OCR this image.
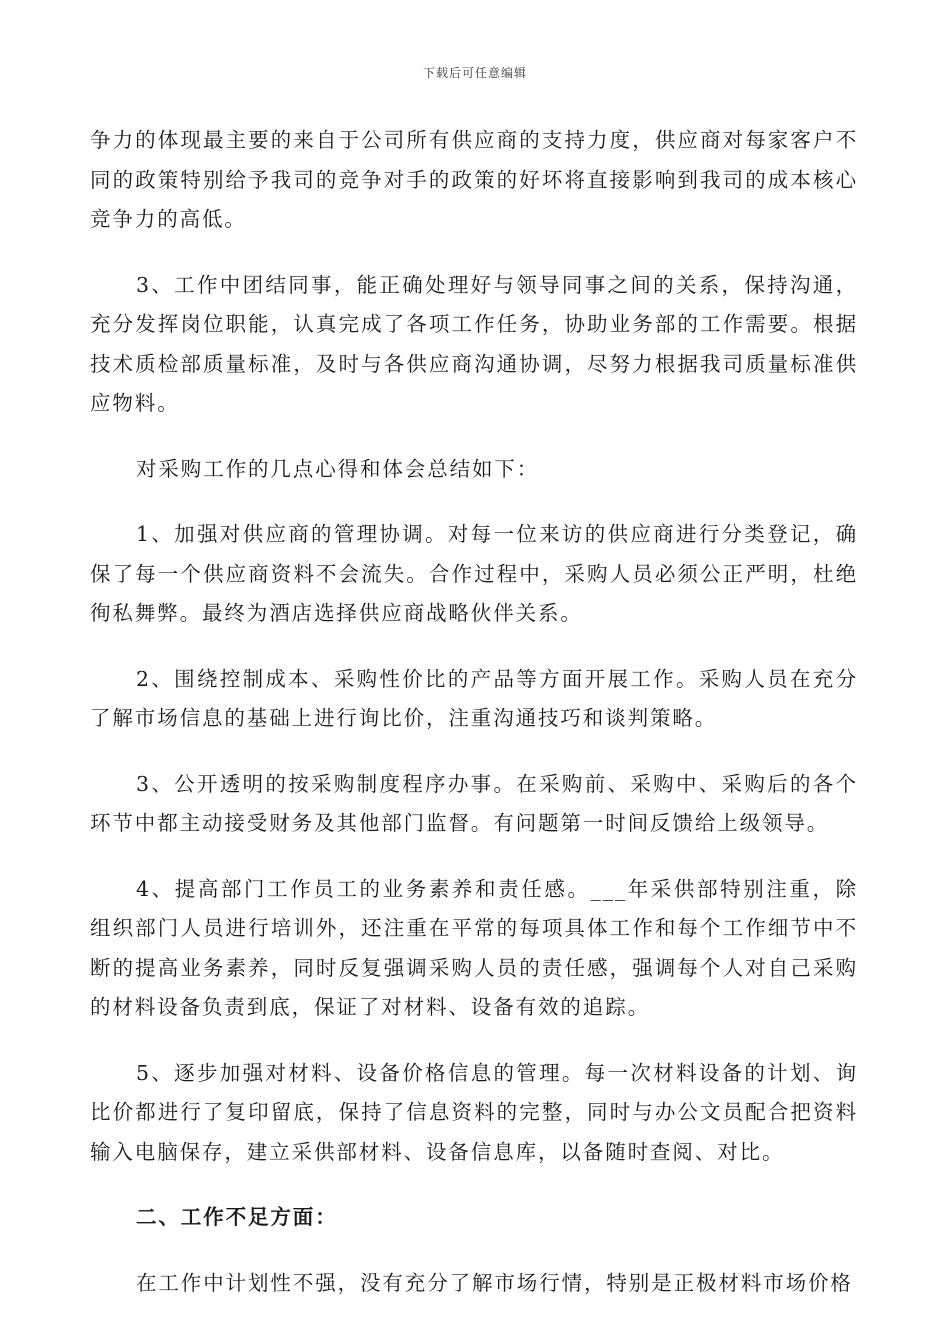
下载后可任意编辑

争力的体现最主要的来自于公司所有供应商的支持力度，供应商对每家客户不同的政策特别给予我司的竞争对手的政策的好坏将直接影响到我司的成本核心竞争力的高低。

3、工作中团结同事，能正确处理好与领导同事之间的关系，保持沟通，充分发挥岗位职能，认真完成了各项工作任务，协助业务部的工作需要。根据技术质检部质量标准，及时与各供应商沟通协调，尽努力根据我司质量标准供应物料。

对采购工作的几点心得和体会总结如下：

1、加强对供应商的管理协调。对每一位来访的供应商进行分类登记，确保了每一个供应商资料不会流失。合作过程中，采购人员必须公正严明，杜绝徇私舞弊。最终为酒店选择供应商战略伙伴关系。

2、围绕控制成本、采购性价比的产品等方面开展工作。采购人员在充分了解市场信息的基础上进行询比价，注重沟通技巧和谈判策略。

3、公开透明的按采购制度程序办事。在采购前、采购中、采购后的各个环节中都主动接受财务及其他部门监督。有问题第一时间反馈给上级领导。

4、提高部门工作员工的业务素养和责任感。___年采供部特别注重，除组织部门人员进行培训外，还注重在平常的每项具体工作和每个工作细节中不断的提高业务素养，同时反复强调采购人员的责任感，强调每个人对自己采购的材料设备负责到底，保证了对材料、设备有效的追踪。

5、逐步加强对材料、设备价格信息的管理。每一次材料设备的计划、询比价都进行了复印留底，保持了信息资料的完整，同时与办公文员配合把资料输入电脑保存，建立采供部材料、设备信息库，以备随时查阅、对比。

二、工作不足方面：

在工作中计划性不强，没有充分了解市场行情，特别是正极材料市场价格
